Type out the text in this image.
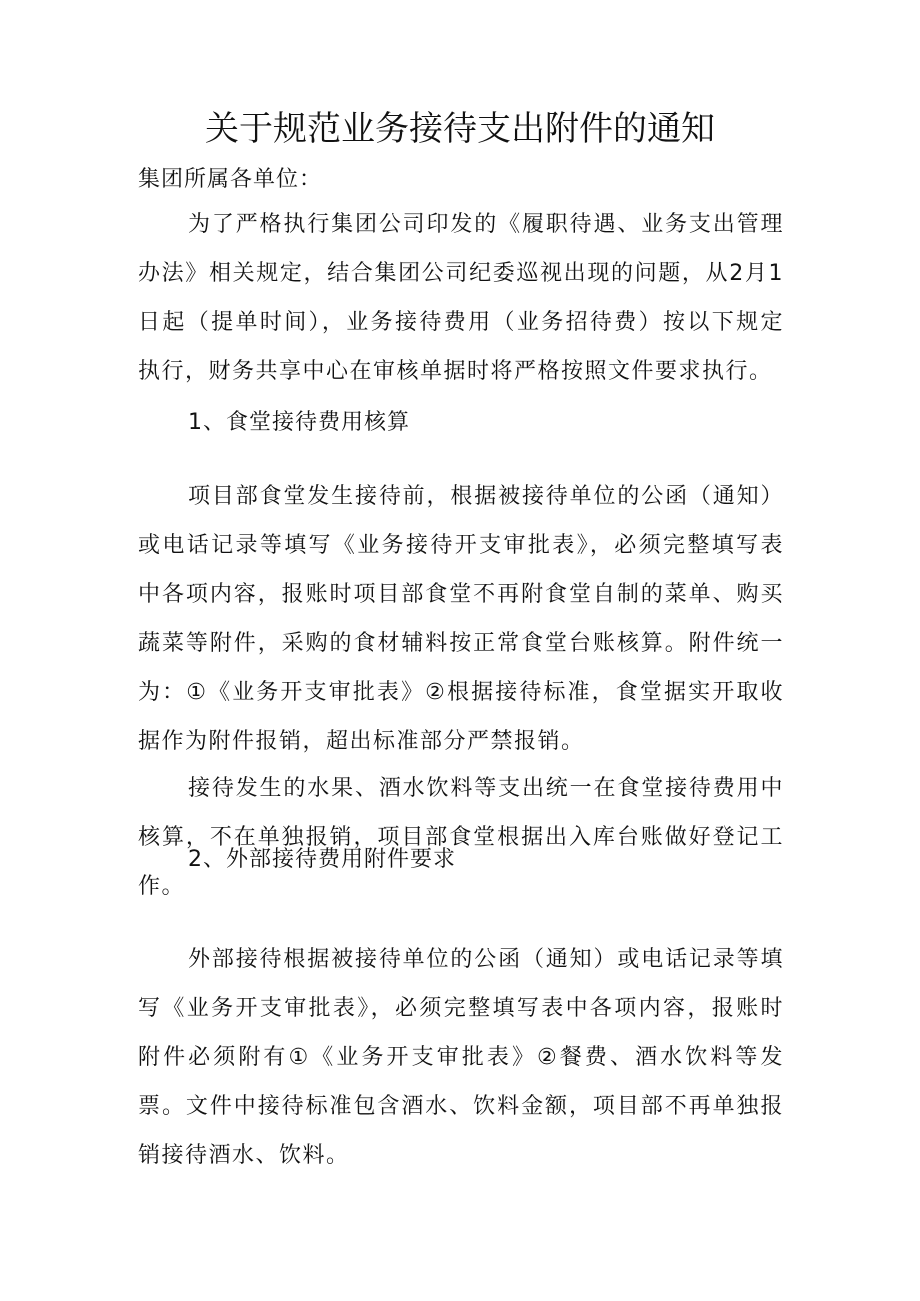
关于规范业务接待支出附件的通知

集团所属各单位：

为了严格执行集团公司印发的《履职待遇、业务支出管理办法》相关规定，结合集团公司纪委巡视出现的问题，从2月1日起（提单时间），业务接待费用（业务招待费）按以下规定执行，财务共享中心在审核单据时将严格按照文件要求执行。

1、食堂接待费用核算

项目部食堂发生接待前，根据被接待单位的公函（通知）或电话记录等填写《业务接待开支审批表》，必须完整填写表中各项内容，报账时项目部食堂不再附食堂自制的菜单、购买蔬菜等附件，采购的食材辅料按正常食堂台账核算。附件统一为：①《业务开支审批表》②根据接待标准，食堂据实开取收据作为附件报销，超出标准部分严禁报销。

接待发生的水果、酒水饮料等支出统一在食堂接待费用中核算，不在单独报销，项目部食堂根据出入库台账做好登记工作。

2、外部接待费用附件要求

外部接待根据被接待单位的公函（通知）或电话记录等填写《业务开支审批表》，必须完整填写表中各项内容，报账时附件必须附有①《业务开支审批表》②餐费、酒水饮料等发票。文件中接待标准包含酒水、饮料金额，项目部不再单独报销接待酒水、饮料。
